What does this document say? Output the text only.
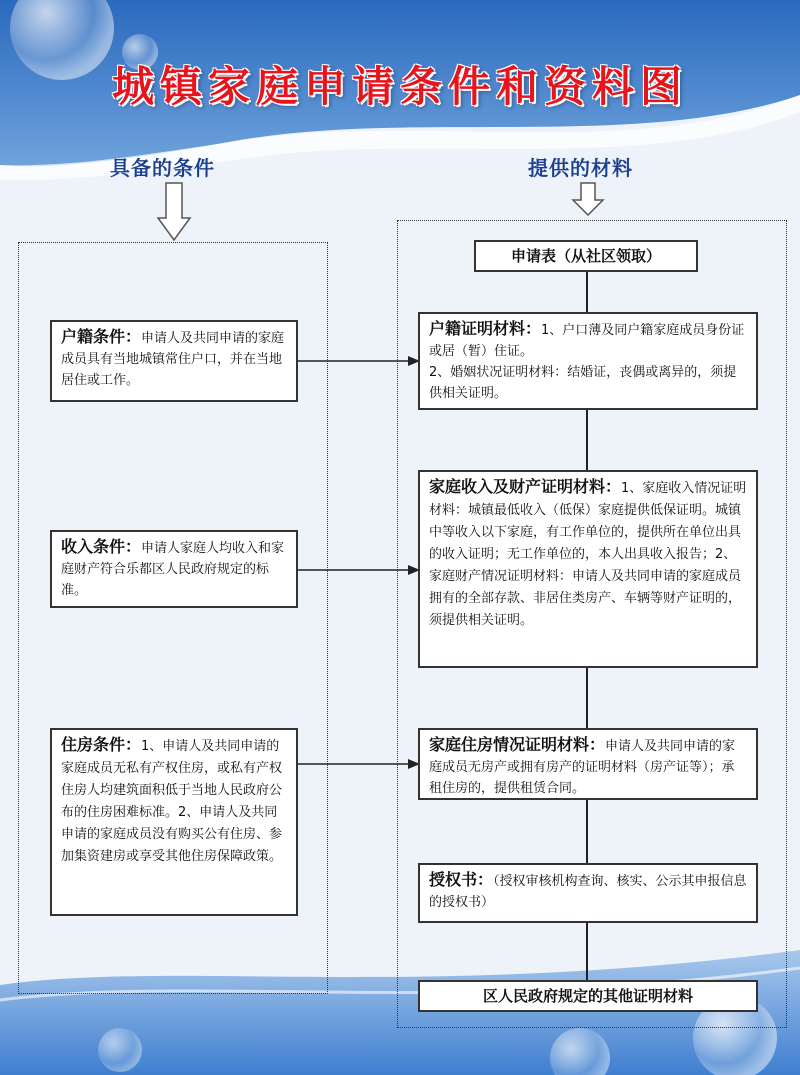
城镇家庭申请条件和资料图
具备的条件	提供的材料
户籍条件：申请人及共同申请的家庭成员具有当地城镇常住户口，并在当地居住或工作。
收入条件：申请人家庭人均收入和家庭财产符合乐都区人民政府规定的标准。
住房条件：1、申请人及共同申请的家庭成员无私有产权住房，或私有产权住房人均建筑面积低于当地人民政府公布的住房困难标准。2、申请人及共同申请的家庭成员没有购买公有住房、参加集资建房或享受其他住房保障政策。
申请表（从社区领取）
户籍证明材料：1、户口薄及同户籍家庭成员身份证或居（暂）住证。
2、婚姻状况证明材料：结婚证，丧偶或离异的，须提供相关证明。
家庭收入及财产证明材料：1、家庭收入情况证明材料：城镇最低收入（低保）家庭提供低保证明。城镇中等收入以下家庭，有工作单位的，提供所在单位出具的收入证明；无工作单位的，本人出具收入报告；2、家庭财产情况证明材料：申请人及共同申请的家庭成员拥有的全部存款、非居住类房产、车辆等财产证明的，须提供相关证明。
家庭住房情况证明材料：申请人及共同申请的家庭成员无房产或拥有房产的证明材料（房产证等）；承租住房的，提供租赁合同。
授权书：（授权审核机构查询、核实、公示其申报信息的授权书）
区人民政府规定的其他证明材料
